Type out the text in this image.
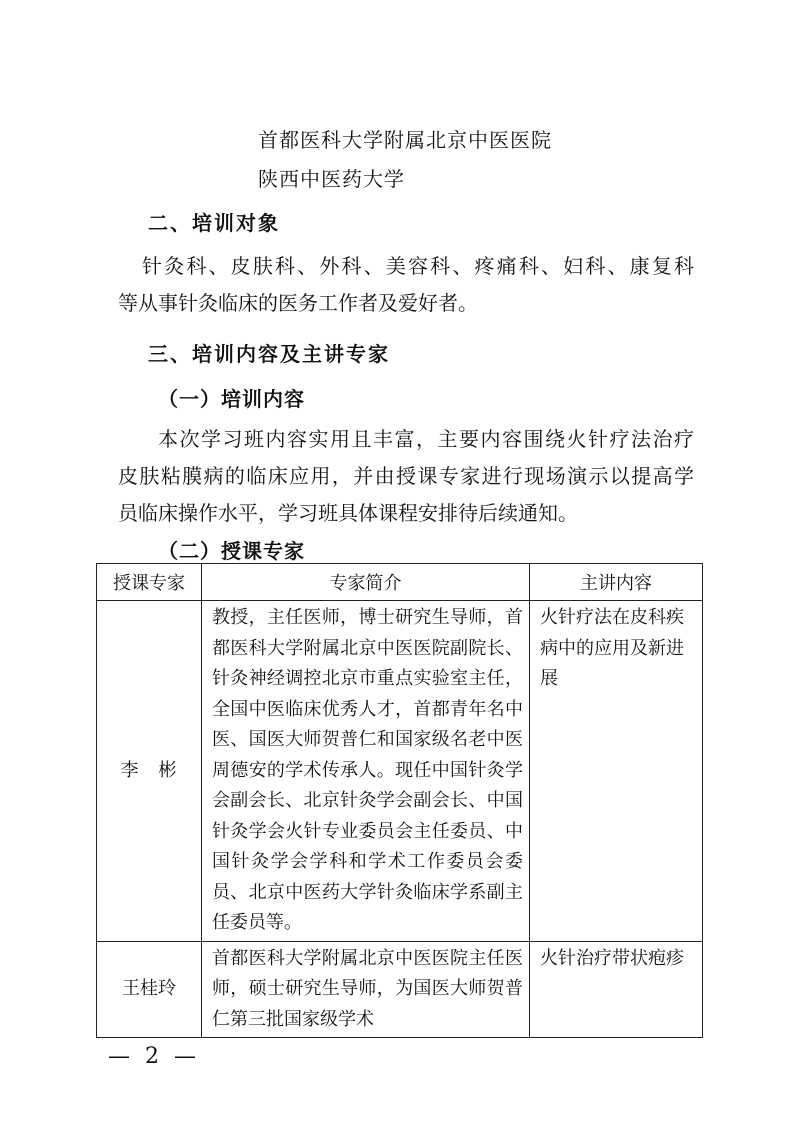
首都医科大学附属北京中医医院
陕西中医药大学
二、培训对象

针灸科、皮肤科、外科、美容科、疼痛科、妇科、康复科

等从事针灸临床的医务工作者及爱好者。

三、培训内容及主讲专家
（一）培训内容

本次学习班内容实用且丰富，主要内容围绕火针疗法治疗

皮肤粘膜病的临床应用，并由授课专家进行现场演示以提高学

员临床操作水平，学习班具体课程安排待后续通知。

（二）授课专家
授课专家	专家简介	主讲内容
李　彬	教授，主任医师，博士研究生导师，首都医科大学附属北京中医医院副院长、针灸神经调控北京市重点实验室主任，全国中医临床优秀人才，首都青年名中医、国医大师贺普仁和国家级名老中医周德安的学术传承人。现任中国针灸学会副会长、北京针灸学会副会长、中国针灸学会火针专业委员会主任委员、中国针灸学会学科和学术工作委员会委员、北京中医药大学针灸临床学系副主任委员等。	火针疗法在皮科疾病中的应用及新进展
王桂玲	首都医科大学附属北京中医医院主任医师，硕士研究生导师，为国医大师贺普仁第三批国家级学术	火针治疗带状疱疹
— 2 —
